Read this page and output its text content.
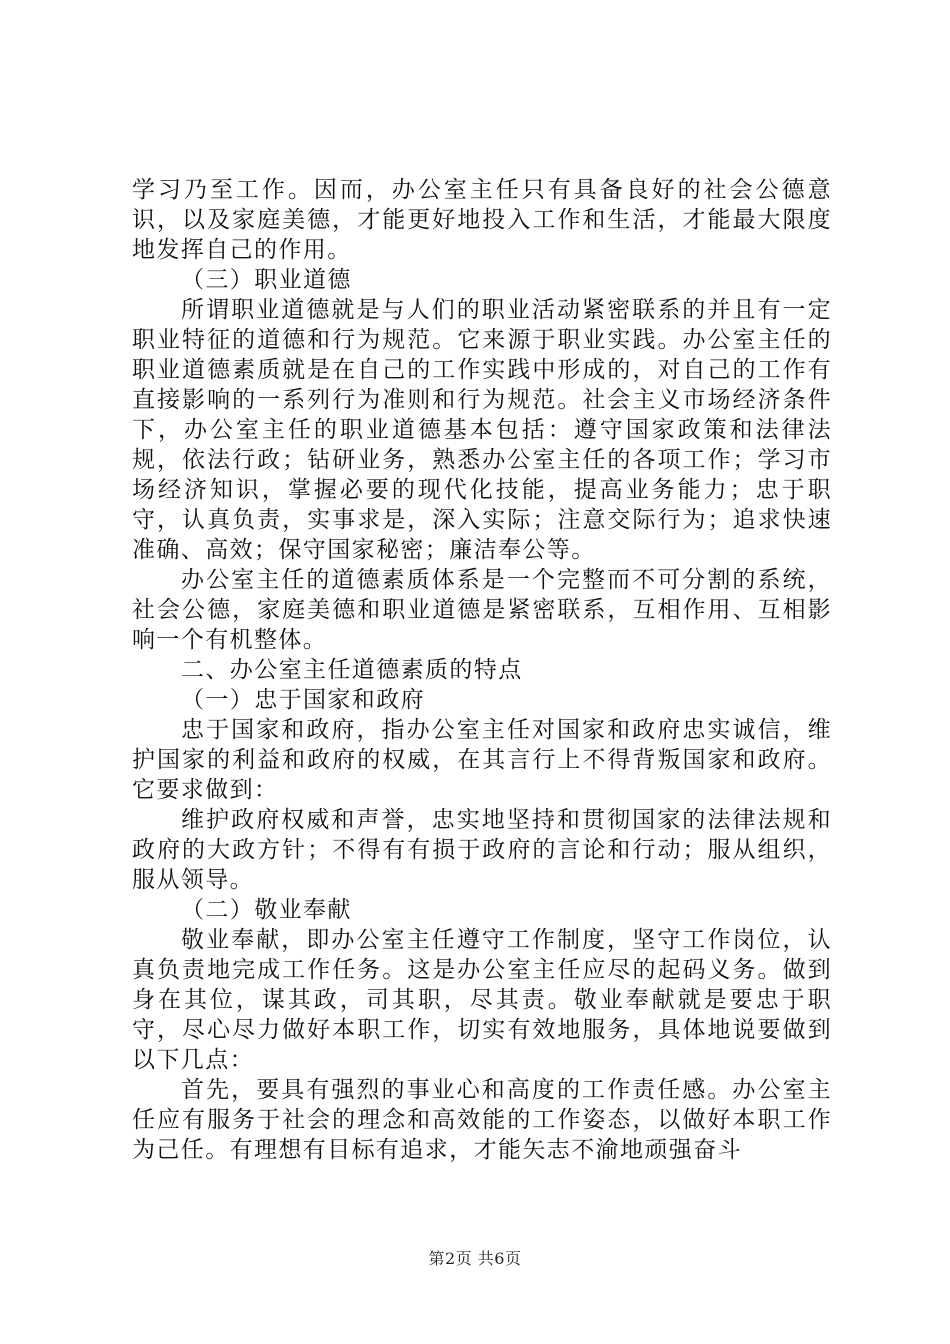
学习乃至工作。因而，办公室主任只有具备良好的社会公德意识，以及家庭美德，才能更好地投入工作和生活，才能最大限度地发挥自己的作用。

（三）职业道德

所谓职业道德就是与人们的职业活动紧密联系的并且有一定职业特征的道德和行为规范。它来源于职业实践。办公室主任的职业道德素质就是在自己的工作实践中形成的，对自己的工作有直接影响的一系列行为准则和行为规范。社会主义市场经济条件下，办公室主任的职业道德基本包括：遵守国家政策和法律法规，依法行政；钻研业务，熟悉办公室主任的各项工作；学习市场经济知识，掌握必要的现代化技能，提高业务能力；忠于职守，认真负责，实事求是，深入实际；注意交际行为；追求快速准确、高效；保守国家秘密；廉洁奉公等。

办公室主任的道德素质体系是一个完整而不可分割的系统，社会公德，家庭美德和职业道德是紧密联系，互相作用、互相影响一个有机整体。

二、办公室主任道德素质的特点

（一）忠于国家和政府

忠于国家和政府，指办公室主任对国家和政府忠实诚信，维护国家的利益和政府的权威，在其言行上不得背叛国家和政府。它要求做到：

维护政府权威和声誉，忠实地坚持和贯彻国家的法律法规和政府的大政方针；不得有有损于政府的言论和行动；服从组织，服从领导。

（二）敬业奉献

敬业奉献，即办公室主任遵守工作制度，坚守工作岗位，认真负责地完成工作任务。这是办公室主任应尽的起码义务。做到身在其位，谋其政，司其职，尽其责。敬业奉献就是要忠于职守，尽心尽力做好本职工作，切实有效地服务，具体地说要做到以下几点：

首先，要具有强烈的事业心和高度的工作责任感。办公室主任应有服务于社会的理念和高效能的工作姿态，以做好本职工作为己任。有理想有目标有追求，才能矢志不渝地顽强奋斗

第2页 共6页
